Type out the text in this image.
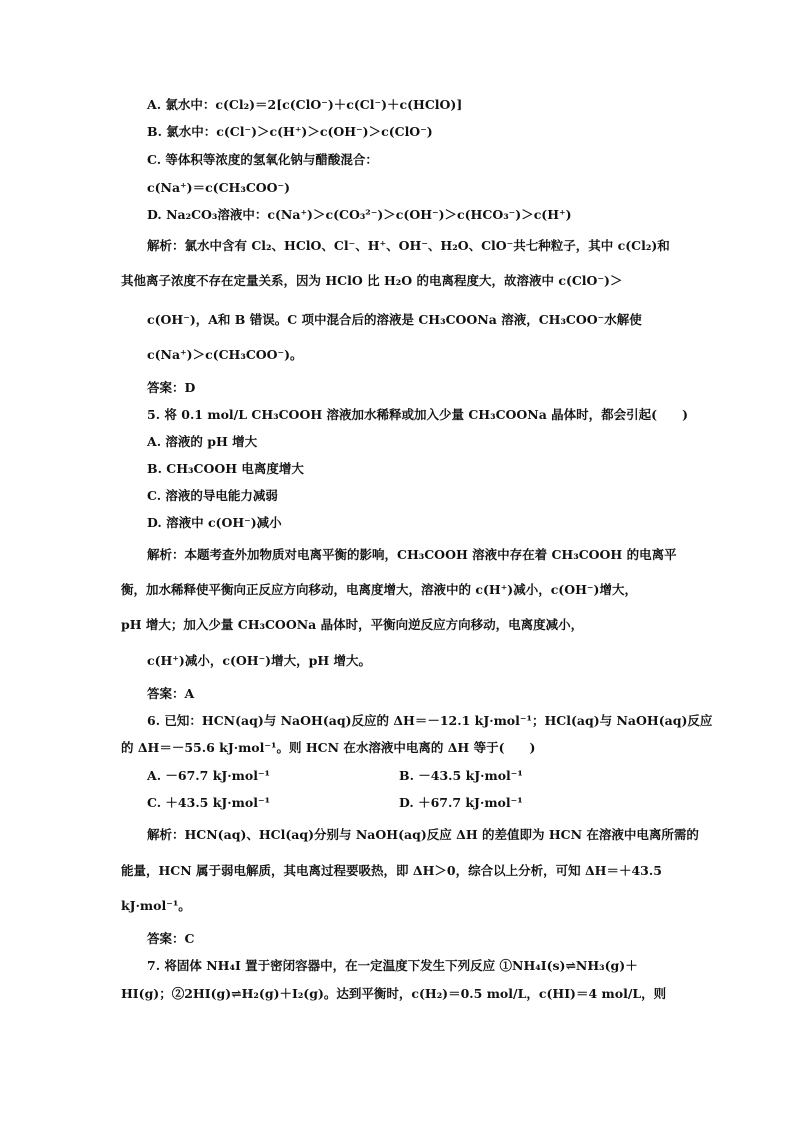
A. 氯水中：c(Cl₂)＝2[c(ClO⁻)＋c(Cl⁻)＋c(HClO)]
B. 氯水中：c(Cl⁻)＞c(H⁺)＞c(OH⁻)＞c(ClO⁻)
C. 等体积等浓度的氢氧化钠与醋酸混合：
c(Na⁺)＝c(CH₃COO⁻)
D. Na₂CO₃溶液中：c(Na⁺)＞c(CO₃²⁻)＞c(OH⁻)＞c(HCO₃⁻)＞c(H⁺)
解析：氯水中含有 Cl₂、HClO、Cl⁻、H⁺、OH⁻、H₂O、ClO⁻共七种粒子，其中 c(Cl₂)和
其他离子浓度不存在定量关系，因为 HClO 比 H₂O 的电离程度大，故溶液中 c(ClO⁻)＞
c(OH⁻)，A和 B 错误。C 项中混合后的溶液是 CH₃COONa 溶液，CH₃COO⁻水解使
c(Na⁺)＞c(CH₃COO⁻)。
答案：D
5. 将 0.1 mol/L CH₃COOH 溶液加水稀释或加入少量 CH₃COONa 晶体时，都会引起(　　)
A. 溶液的 pH 增大
B. CH₃COOH 电离度增大
C. 溶液的导电能力减弱
D. 溶液中 c(OH⁻)减小
解析：本题考查外加物质对电离平衡的影响，CH₃COOH 溶液中存在着 CH₃COOH 的电离平
衡，加水稀释使平衡向正反应方向移动，电离度增大，溶液中的 c(H⁺)减小，c(OH⁻)增大，
pH 增大；加入少量 CH₃COONa 晶体时，平衡向逆反应方向移动，电离度减小，
c(H⁺)减小，c(OH⁻)增大，pH 增大。
答案：A
6. 已知：HCN(aq)与 NaOH(aq)反应的 ΔH＝－12.1 kJ·mol⁻¹；HCl(aq)与 NaOH(aq)反应
的 ΔH＝－55.6 kJ·mol⁻¹。则 HCN 在水溶液中电离的 ΔH 等于(　　)
A. －67.7 kJ·mol⁻¹	B. －43.5 kJ·mol⁻¹
C. ＋43.5 kJ·mol⁻¹	D. ＋67.7 kJ·mol⁻¹
解析：HCN(aq)、HCl(aq)分别与 NaOH(aq)反应 ΔH 的差值即为 HCN 在溶液中电离所需的
能量，HCN 属于弱电解质，其电离过程要吸热，即 ΔH＞0，综合以上分析，可知 ΔH＝＋43.5
kJ·mol⁻¹。
答案：C
7. 将固体 NH₄I 置于密闭容器中，在一定温度下发生下列反应 ①NH₄I(s)⇌NH₃(g)＋
HI(g)；②2HI(g)⇌H₂(g)＋I₂(g)。达到平衡时，c(H₂)＝0.5 mol/L，c(HI)＝4 mol/L，则
